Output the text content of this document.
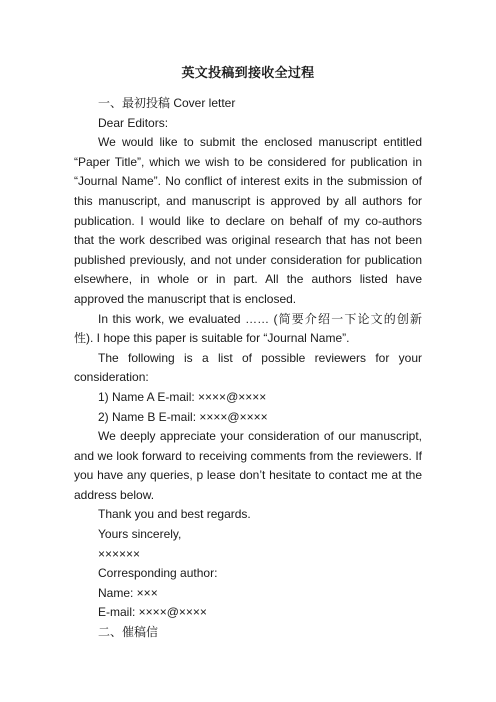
英文投稿到接收全过程

一、最初投稿 Cover letter

Dear Editors:

We would like to submit the enclosed manuscript entitled “Paper Title”, which we wish to be considered for publication in “Journal Name”. No conflict of interest exits in the submission of this manuscript, and manuscript is approved by all authors for publication. I would like to declare on behalf of my co-authors that the work described was original research that has not been published previously, and not under consideration for publication elsewhere, in whole or in part. All the authors listed have approved the manuscript that is enclosed.

In this work, we evaluated …… (简要介绍一下论文的创新性). I hope this paper is suitable for “Journal Name”.

The following is a list of possible reviewers for your consideration:

1) Name A E-mail: ××××@××××

2) Name B E-mail: ××××@××××

We deeply appreciate your consideration of our manuscript, and we look forward to receiving comments from the reviewers. If you have any queries, p lease don’t hesitate to contact me at the address below.

Thank you and best regards.

Yours sincerely,

××××××

Corresponding author:

Name: ×××

E-mail: ××××@××××

二、催稿信
